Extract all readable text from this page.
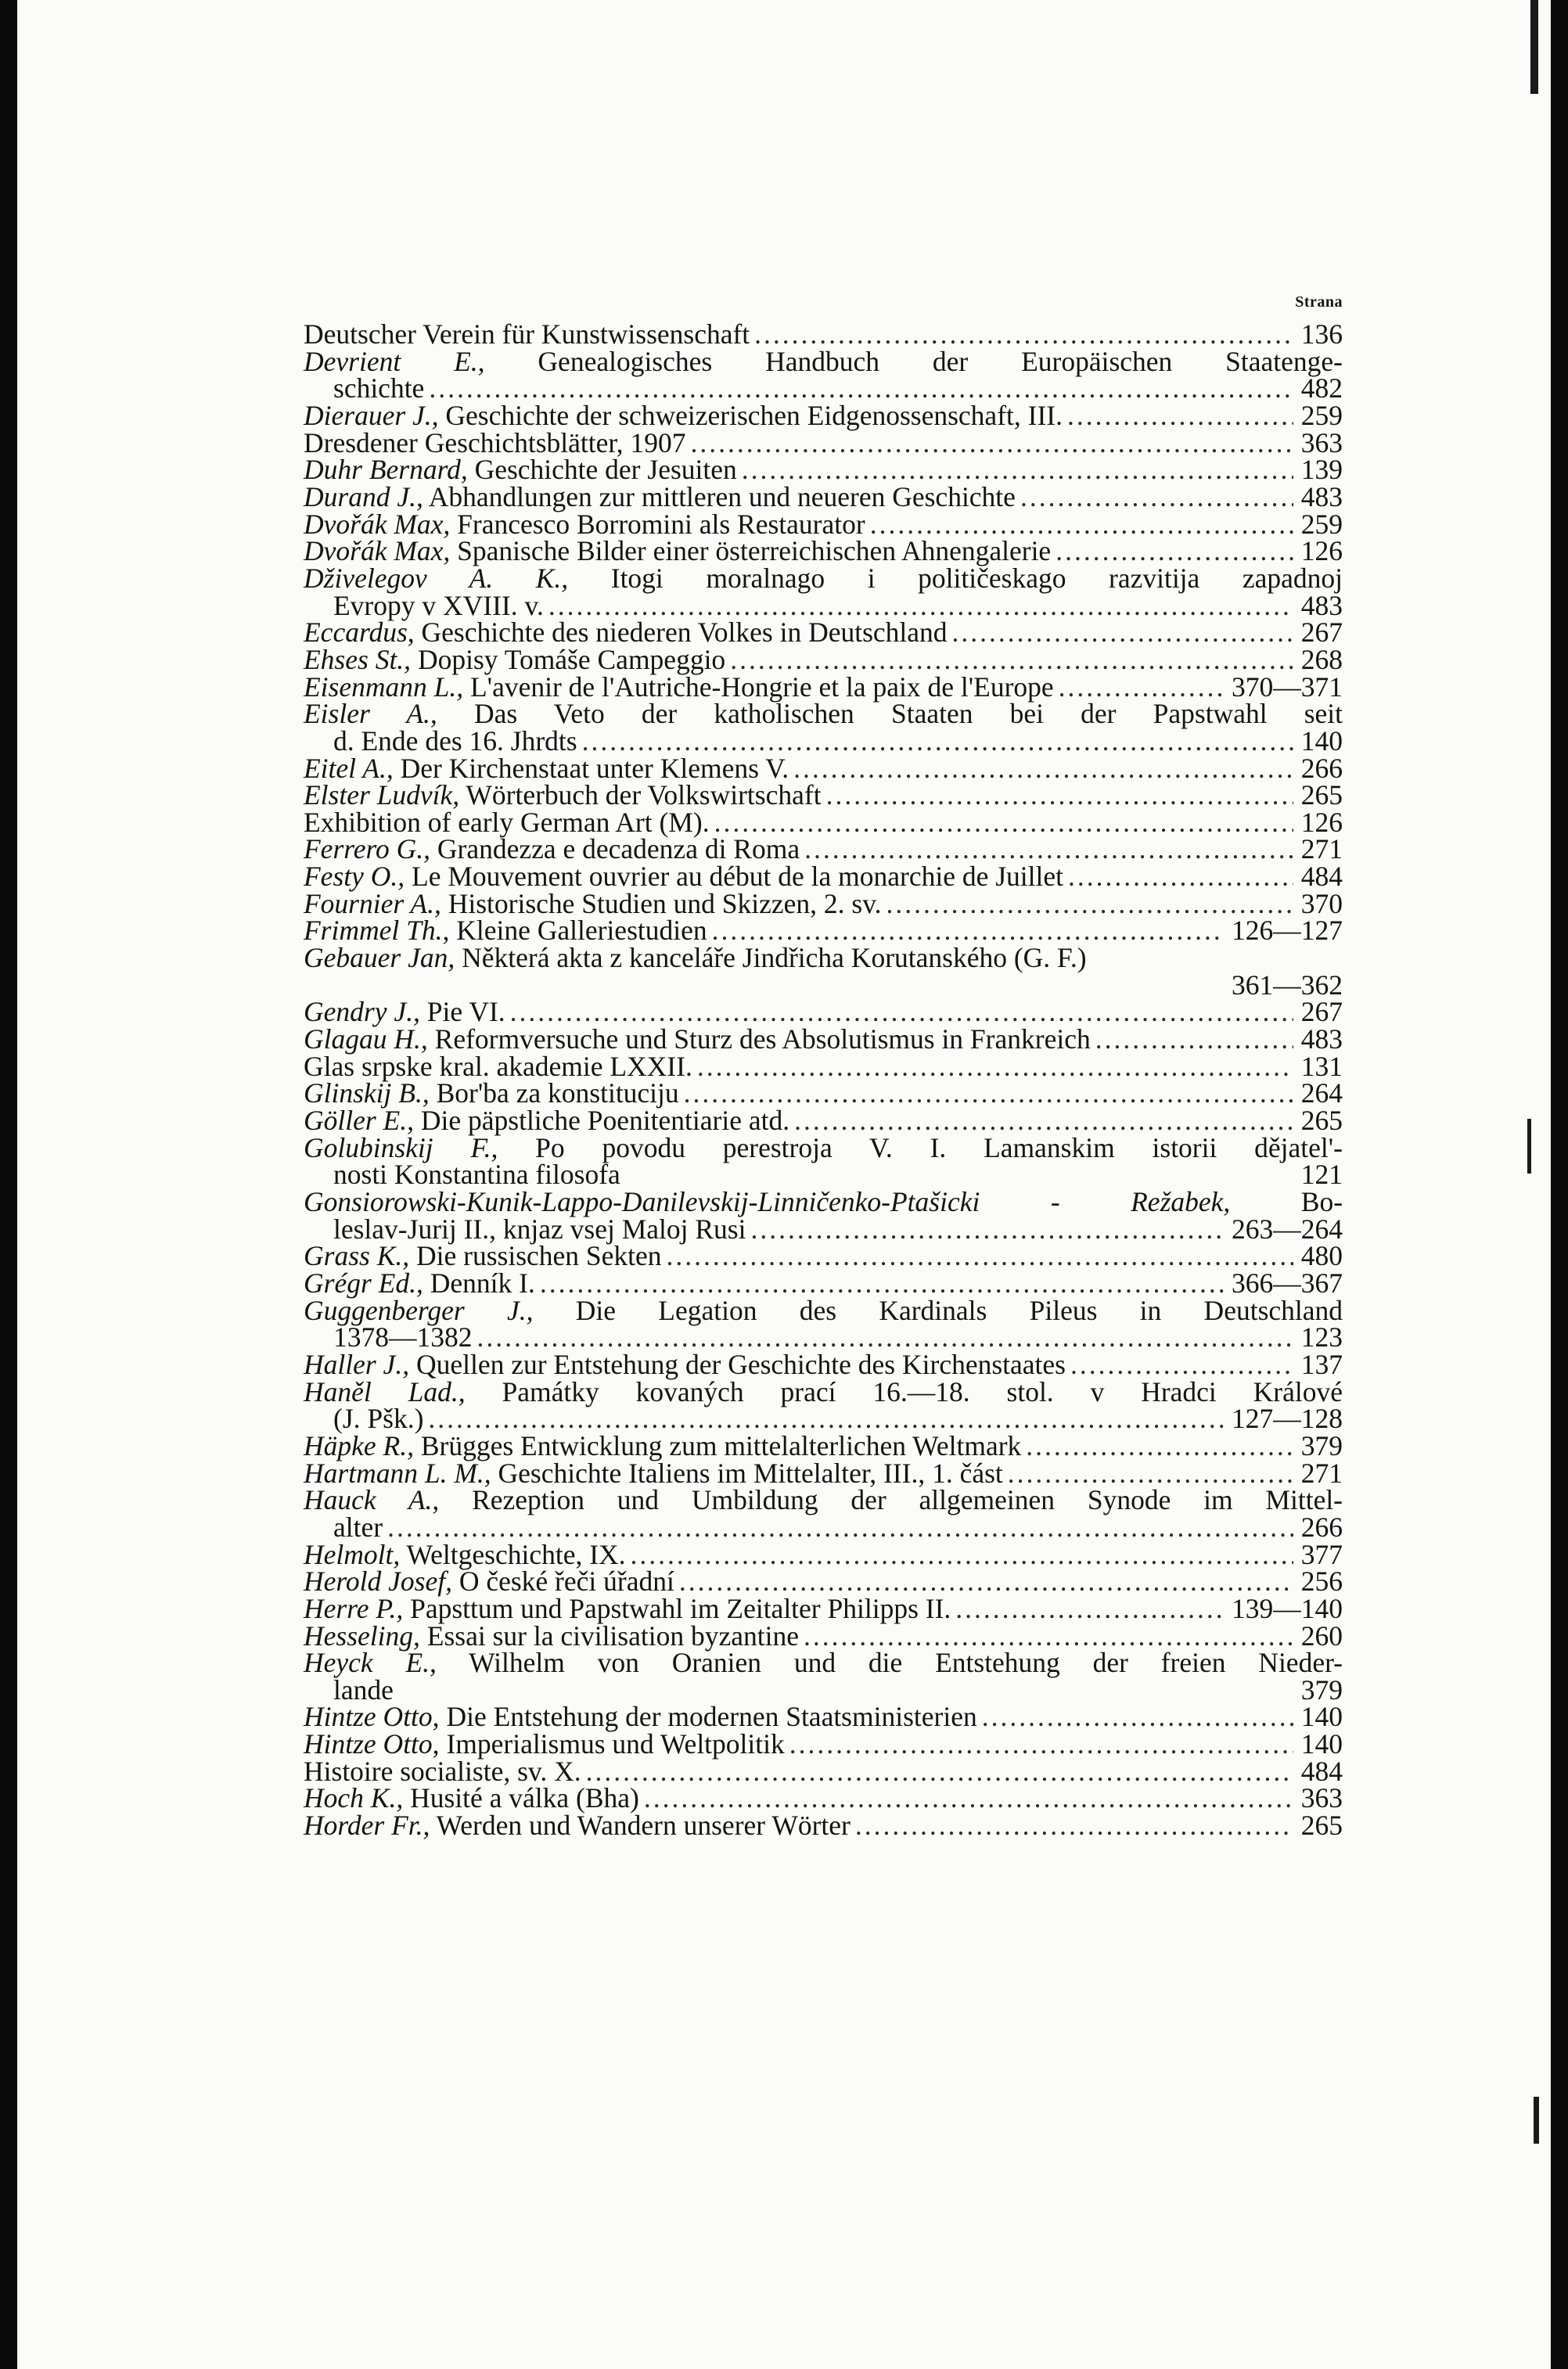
Strana
Deutscher Verein für Kunstwissenschaft .....	136
Devrient E., Genealogisches Handbuch der Europäischen Staatenge-
schichte .....	482
Dierauer J., Geschichte der schweizerischen Eidgenossenschaft, III. .....	259
Dresdener Geschichtsblätter, 1907 .....	363
Duhr Bernard, Geschichte der Jesuiten .....	139
Durand J., Abhandlungen zur mittleren und neueren Geschichte .....	483
Dvořák Max, Francesco Borromini als Restaurator .....	259
Dvořák Max, Spanische Bilder einer österreichischen Ahnengalerie .....	126
Dživelegov A. K., Itogi moralnago i političeskago razvitija zapadnoj
Evropy v XVIII. v. .....	483
Eccardus, Geschichte des niederen Volkes in Deutschland .....	267
Ehses St., Dopisy Tomáše Campeggio .....	268
Eisenmann L., L'avenir de l'Autriche-Hongrie et la paix de l'Europe .....	370—371
Eisler A., Das Veto der katholischen Staaten bei der Papstwahl seit
d. Ende des 16. Jhrdts .....	140
Eitel A., Der Kirchenstaat unter Klemens V. .....	266
Elster Ludvík, Wörterbuch der Volkswirtschaft .....	265
Exhibition of early German Art (M). .....	126
Ferrero G., Grandezza e decadenza di Roma .....	271
Festy O., Le Mouvement ouvrier au début de la monarchie de Juillet .....	484
Fournier A., Historische Studien und Skizzen, 2. sv. .....	370
Frimmel Th., Kleine Galleriestudien .....	126—127
Gebauer Jan, Některá akta z kanceláře Jindřicha Korutanského (G. F.)
361—362
Gendry J., Pie VI. .....	267
Glagau H., Reformversuche und Sturz des Absolutismus in Frankreich .....	483
Glas srpske kral. akademie LXXII. .....	131
Glinskij B., Bor'ba za konstituciju .....	264
Göller E., Die päpstliche Poenitentiarie atd. .....	265
Golubinskij F., Po povodu perestroja V. I. Lamanskim istorii dějatel'-
nosti Konstantina filosofa	121
Gonsiorowski-Kunik-Lappo-Danilevskij-Linničenko-Ptašicki - Režabek,	Bo-
leslav-Jurij II., knjaz vsej Maloj Rusi .....	263—264
Grass K., Die russischen Sekten .....	480
Grégr Ed., Denník I. .....	366—367
Guggenberger J., Die Legation des Kardinals Pileus in Deutschland
1378—1382 .....	123
Haller J., Quellen zur Entstehung der Geschichte des Kirchenstaates .....	137
Haněl Lad., Památky kovaných prací 16.—18. stol. v Hradci Králové
(J. Pšk.) .....	127—128
Häpke R., Brügges Entwicklung zum mittelalterlichen Weltmark .....	379
Hartmann L. M., Geschichte Italiens im Mittelalter, III., 1. část .....	271
Hauck A., Rezeption und Umbildung der allgemeinen Synode im Mittel-
alter .....	266
Helmolt, Weltgeschichte, IX. .....	377
Herold Josef, O české řeči úřadní .....	256
Herre P., Papsttum und Papstwahl im Zeitalter Philipps II. .....	139—140
Hesseling, Essai sur la civilisation byzantine .....	260
Heyck E., Wilhelm von Oranien und die Entstehung der freien Nieder-
lande	379
Hintze Otto, Die Entstehung der modernen Staatsministerien .....	140
Hintze Otto, Imperialismus und Weltpolitik .....	140
Histoire socialiste, sv. X. .....	484
Hoch K., Husité a válka (Bha) .....	363
Horder Fr., Werden und Wandern unserer Wörter .....	265
